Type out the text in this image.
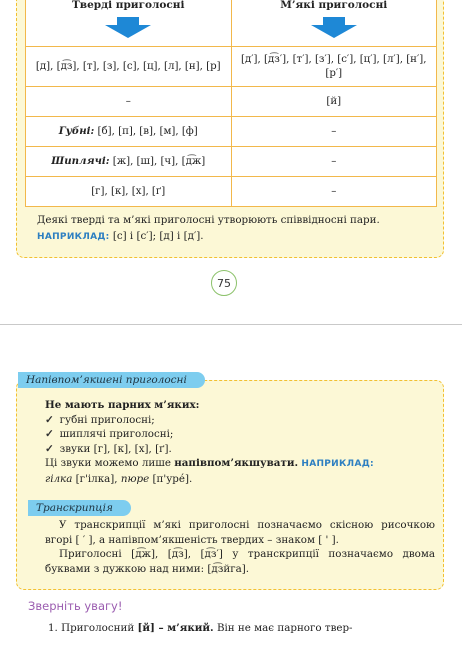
Тверді приголосні	М’які приголосні

[д], [д͡з], [т], [з], [с], [ц], [л], [н], [р]	[д′], [д͡з′], [т′], [з′], [с′], [ц′], [л′], [н′], [р′]
–	[й]
Губні: [б], [п], [в], [м], [ф]	–
Шиплячі: [ж], [ш], [ч], [д͡ж]	–
[г], [к], [х], [ґ]	–
Деякі тверді та м’які приголосні утворюють співвідносні пари. НАПРИКЛАД: [с] і [с′]; [д] і [д′].
75
Напівпом’якшені приголосні
Не мають парних м’яких:
✓ губні приголосні;
✓ шиплячі приголосні;
✓ звуки [г], [к], [х], [ґ].
Ці звуки можемо лише напівпом’якшувати. НАПРИКЛАД:
гілка [г'iлка], пюре [п'урé].
Транскрипція
У транскрипції м’які приголосні позначаємо скісною рисочкою вгорі [ ′ ], а напівпом’якшеність твердих – знаком [ ' ].
Приголосні [д͡ж], [д͡з], [д͡з′] у транскрипції позначаємо двома буквами з дужкою над ними: [д͡зйга].
Зверніть увагу!
1. Приголосний [й] – м’який. Він не має парного твер-
